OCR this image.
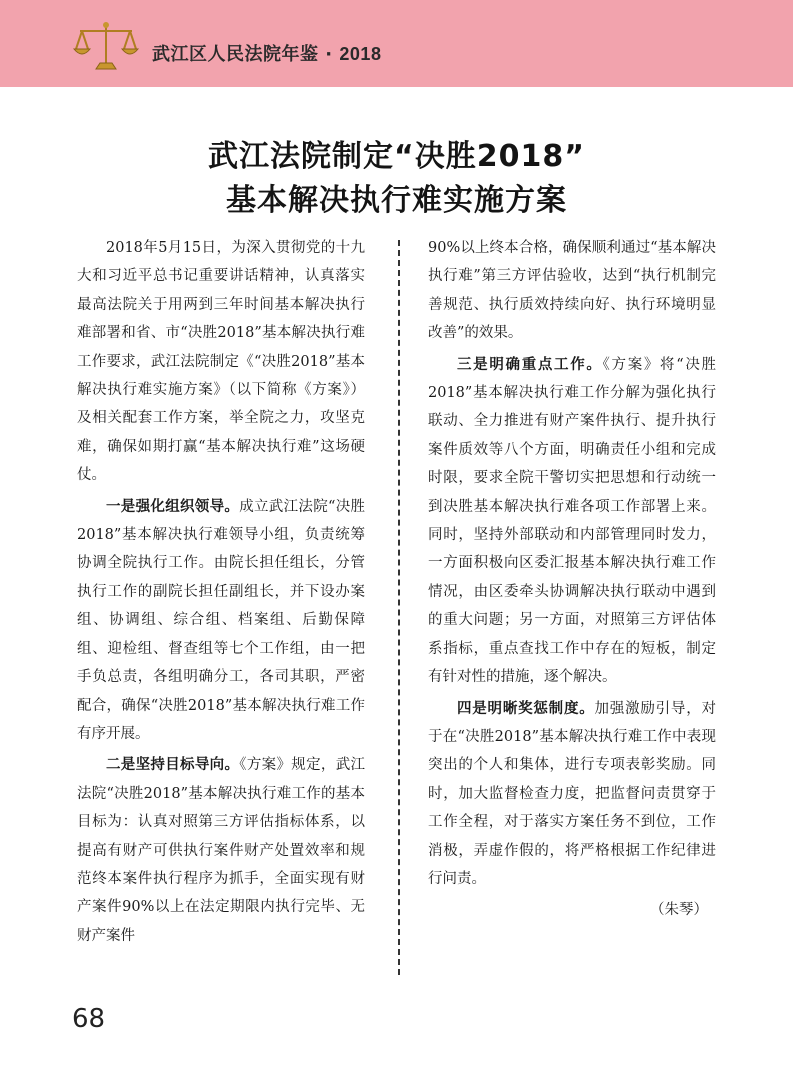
武江区人民法院年鉴 · 2018
武江法院制定“决胜2018”
基本解决执行难实施方案

2018年5月15日，为深入贯彻党的十九大和习近平总书记重要讲话精神，认真落实最高法院关于用两到三年时间基本解决执行难部署和省、市“决胜2018”基本解决执行难工作要求，武江法院制定《“决胜2018”基本解决执行难实施方案》（以下简称《方案》）及相关配套工作方案，举全院之力，攻坚克难，确保如期打赢“基本解决执行难”这场硬仗。

一是强化组织领导。成立武江法院“决胜2018”基本解决执行难领导小组，负责统筹协调全院执行工作。由院长担任组长，分管执行工作的副院长担任副组长，并下设办案组、协调组、综合组、档案组、后勤保障组、迎检组、督查组等七个工作组，由一把手负总责，各组明确分工，各司其职，严密配合，确保“决胜2018”基本解决执行难工作有序开展。

二是坚持目标导向。《方案》规定，武江法院“决胜2018”基本解决执行难工作的基本目标为：认真对照第三方评估指标体系，以提高有财产可供执行案件财产处置效率和规范终本案件执行程序为抓手，全面实现有财产案件90%以上在法定期限内执行完毕、无财产案件

90%以上终本合格，确保顺利通过“基本解决执行难”第三方评估验收，达到“执行机制完善规范、执行质效持续向好、执行环境明显改善”的效果。

三是明确重点工作。《方案》将“决胜2018”基本解决执行难工作分解为强化执行联动、全力推进有财产案件执行、提升执行案件质效等八个方面，明确责任小组和完成时限，要求全院干警切实把思想和行动统一到决胜基本解决执行难各项工作部署上来。同时，坚持外部联动和内部管理同时发力，一方面积极向区委汇报基本解决执行难工作情况，由区委牵头协调解决执行联动中遇到的重大问题；另一方面，对照第三方评估体系指标，重点查找工作中存在的短板，制定有针对性的措施，逐个解决。

四是明晰奖惩制度。加强激励引导，对于在“决胜2018”基本解决执行难工作中表现突出的个人和集体，进行专项表彰奖励。同时，加大监督检查力度，把监督问责贯穿于工作全程，对于落实方案任务不到位，工作消极，弄虚作假的，将严格根据工作纪律进行问责。

（朱琴）

68
